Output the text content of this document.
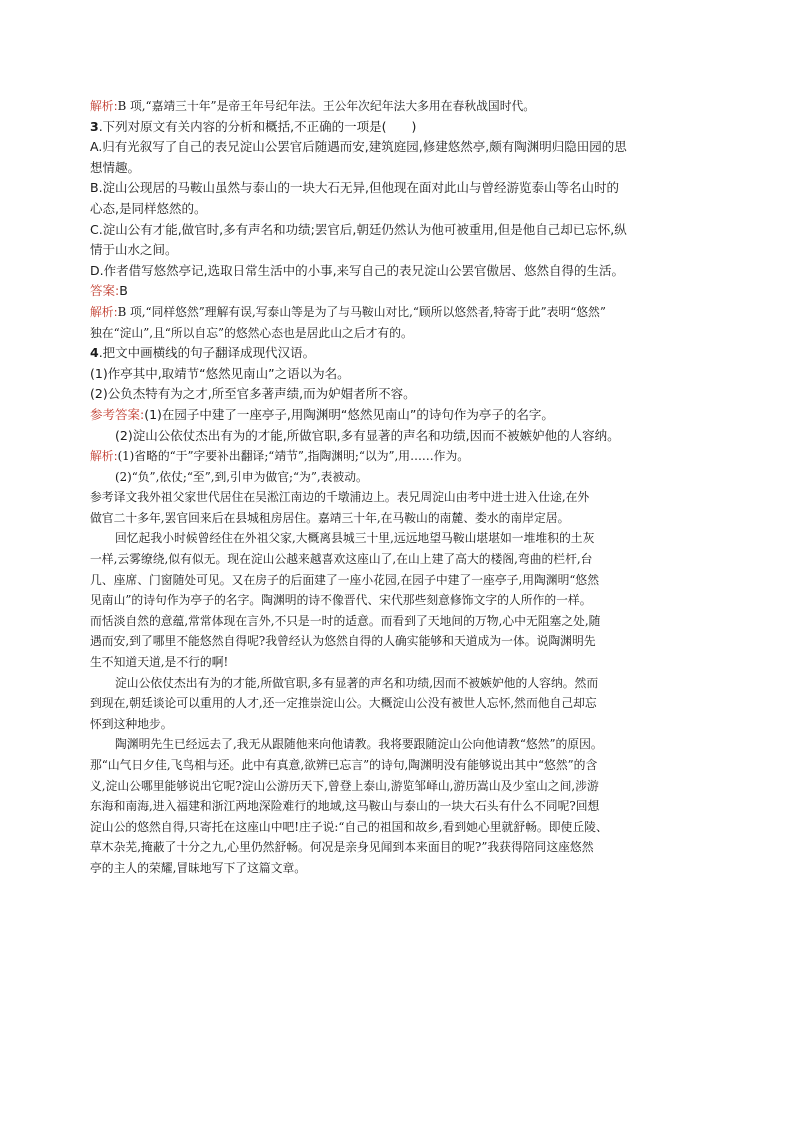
解析:B 项,“嘉靖三十年”是帝王年号纪年法。王公年次纪年法大多用在春秋战国时代。
3.下列对原文有关内容的分析和概括,不正确的一项是(　　)
A.归有光叙写了自己的表兄淀山公罢官后随遇而安,建筑庭园,修建悠然亭,颇有陶渊明归隐田园的思
想情趣。
B.淀山公现居的马鞍山虽然与泰山的一块大石无异,但他现在面对此山与曾经游览泰山等名山时的
心态,是同样悠然的。
C.淀山公有才能,做官时,多有声名和功绩;罢官后,朝廷仍然认为他可被重用,但是他自己却已忘怀,纵
情于山水之间。
D.作者借写悠然亭记,选取日常生活中的小事,来写自己的表兄淀山公罢官傲居、悠然自得的生活。
答案:B
解析:B 项,“同样悠然”理解有误,写泰山等是为了与马鞍山对比,“顾所以悠然者,特寄于此”表明“悠然”
独在“淀山”,且“所以自忘”的悠然心态也是居此山之后才有的。
4.把文中画横线的句子翻译成现代汉语。
(1)作亭其中,取靖节“悠然见南山”之语以为名。
(2)公负杰特有为之才,所至官多著声绩,而为妒媢者所不容。
参考答案:(1)在园子中建了一座亭子,用陶渊明“悠然见南山”的诗句作为亭子的名字。
(2)淀山公依仗杰出有为的才能,所做官职,多有显著的声名和功绩,因而不被嫉妒他的人容纳。
解析:(1)省略的“于”字要补出翻译;“靖节”,指陶渊明;“以为”,用……作为。
(2)“负”,依仗;“至”,到,引申为做官;“为”,表被动。
参考译文我外祖父家世代居住在吴淞江南边的千墩浦边上。表兄周淀山由考中进士进入仕途,在外
做官二十多年,罢官回来后在县城租房居住。嘉靖三十年,在马鞍山的南麓、娄水的南岸定居。
回忆起我小时候曾经住在外祖父家,大概离县城三十里,远远地望马鞍山堪堪如一堆堆积的土灰
一样,云雾缭绕,似有似无。现在淀山公越来越喜欢这座山了,在山上建了高大的楼阁,弯曲的栏杆,台
几、座席、门窗随处可见。又在房子的后面建了一座小花园,在园子中建了一座亭子,用陶渊明“悠然
见南山”的诗句作为亭子的名字。陶渊明的诗不像晋代、宋代那些刻意修饰文字的人所作的一样。
而恬淡自然的意蕴,常常体现在言外,不只是一时的适意。而看到了天地间的万物,心中无阻塞之处,随
遇而安,到了哪里不能悠然自得呢?我曾经认为悠然自得的人确实能够和天道成为一体。说陶渊明先
生不知道天道,是不行的啊!
淀山公依仗杰出有为的才能,所做官职,多有显著的声名和功绩,因而不被嫉妒他的人容纳。然而
到现在,朝廷谈论可以重用的人才,还一定推崇淀山公。大概淀山公没有被世人忘怀,然而他自己却忘
怀到这种地步。
陶渊明先生已经远去了,我无从跟随他来向他请教。我将要跟随淀山公向他请教“悠然”的原因。
那“山气日夕佳,飞鸟相与还。此中有真意,欲辨已忘言”的诗句,陶渊明没有能够说出其中“悠然”的含
义,淀山公哪里能够说出它呢?淀山公游历天下,曾登上泰山,游览邹峄山,游历嵩山及少室山之间,涉游
东海和南海,进入福建和浙江两地深险难行的地域,这马鞍山与泰山的一块大石头有什么不同呢?回想
淀山公的悠然自得,只寄托在这座山中吧!庄子说:“自己的祖国和故乡,看到她心里就舒畅。即使丘陵、
草木杂芜,掩蔽了十分之九,心里仍然舒畅。何况是亲身见闻到本来面目的呢?”我获得陪同这座悠然
亭的主人的荣耀,冒昧地写下了这篇文章。
